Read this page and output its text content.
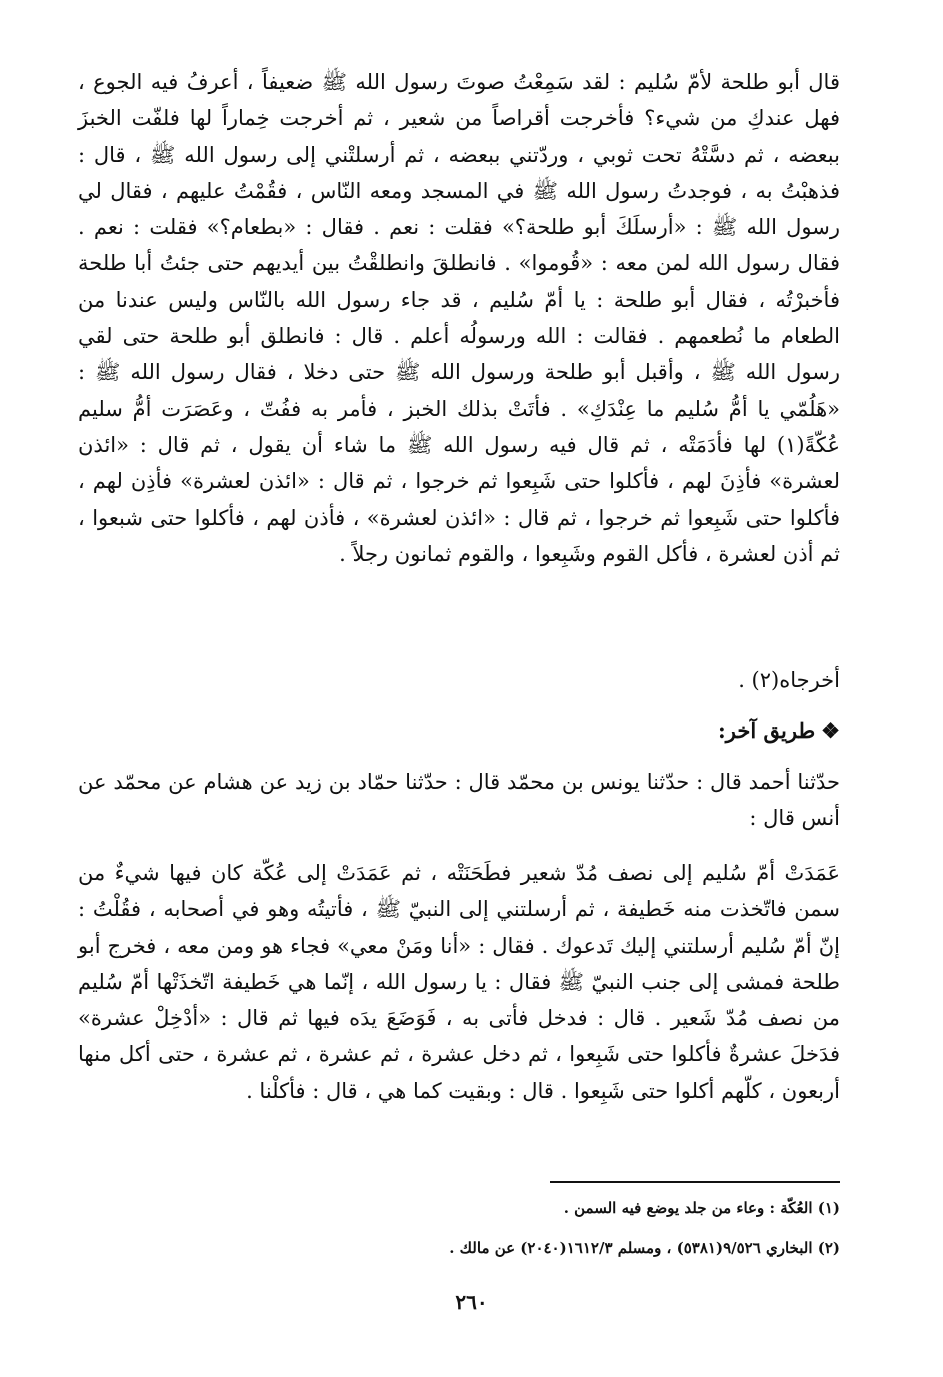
قال أبو طلحة لأمّ سُليم : لقد سَمِعْتُ صوتَ رسول الله ﷺ ضعيفاً ، أعرفُ فيه الجوع ، فهل عندكِ من شيء؟ فأخرجت أقراصاً من شعير ، ثم أخرجت خِماراً لها فلفّت الخبزَ ببعضه ، ثم دسَّتْهُ تحت ثوبي ، وردّتني ببعضه ، ثم أرسلتْني إلى رسول الله ﷺ ، قال : فذهبْتُ به ، فوجدتُ رسول الله ﷺ في المسجد ومعه النّاس ، فقُمْتُ عليهم ، فقال لي رسول الله ﷺ : «أرسلَكَ أبو طلحة؟» فقلت : نعم . فقال : «بطعام؟» فقلت : نعم . فقال رسول الله لمن معه : «قُوموا» . فانطلقَ وانطلقْتُ بين أيديهم حتى جئتُ أبا طلحة فأخبرْتُه ، فقال أبو طلحة : يا أمّ سُليم ، قد جاء رسول الله بالنّاس وليس عندنا من الطعام ما نُطعمهم . فقالت : الله ورسولُه أعلم . قال : فانطلق أبو طلحة حتى لقي رسول الله ﷺ ، وأقبل أبو طلحة ورسول الله ﷺ حتى دخلا ، فقال رسول الله ﷺ : «هَلُمّي يا أمُّ سُليم ما عِنْدَكِ» . فأتَتْ بذلك الخبز ، فأمر به ففُتّ ، وعَصَرَت أمُّ سليم عُكّةً(١) لها فأدَمَتْه ، ثم قال فيه رسول الله ﷺ ما شاء أن يقول ، ثم قال : «ائذن لعشرة» فأذِنَ لهم ، فأكلوا حتى شَبِعوا ثم خرجوا ، ثم قال : «ائذن لعشرة» فأذِن لهم ، فأكلوا حتى شَبِعوا ثم خرجوا ، ثم قال : «ائذن لعشرة» ، فأذن لهم ، فأكلوا حتى شبعوا ، ثم أذن لعشرة ، فأكل القوم وشَبِعوا ، والقوم ثمانون رجلاً .

أخرجاه(٢) .
❖طريق آخر:

حدّثنا أحمد قال : حدّثنا يونس بن محمّد قال : حدّثنا حمّاد بن زيد عن هشام عن محمّد عن أنس قال :

عَمَدَتْ أمّ سُليم إلى نصف مُدّ شعير فطَحَنَتْه ، ثم عَمَدَتْ إلى عُكّة كان فيها شيءٌ من سمن فاتّخذت منه خَطيفة ، ثم أرسلتني إلى النبيّ ﷺ ، فأتيتُه وهو في أصحابه ، فقُلْتُ : إنّ أمّ سُليم أرسلتني إليك تَدعوك . فقال : «أنا ومَنْ معي» فجاء هو ومن معه ، فخرج أبو طلحة فمشى إلى جنب النبيّ ﷺ فقال : يا رسول الله ، إنّما هي خَطيفة اتّخذَتْها أمّ سُليم من نصف مُدّ شَعير . قال : فدخل فأتى به ، فَوَضَعَ يدَه فيها ثم قال : «أدْخِلْ عشرة» فدَخلَ عشرةٌ فأكلوا حتى شَبِعوا ، ثم دخل عشرة ، ثم عشرة ، ثم عشرة ، حتى أكل منها أربعون ، كلّهم أكلوا حتى شَبِعوا . قال : وبقيت كما هي ، قال : فأكلْنا .

(١) العُكّة : وعاء من جلد يوضع فيه السمن .
(٢) البخاري ٩/٥٢٦(٥٣٨١) ، ومسلم ١٦١٢/٣(٢٠٤٠) عن مالك .
٢٦٠
